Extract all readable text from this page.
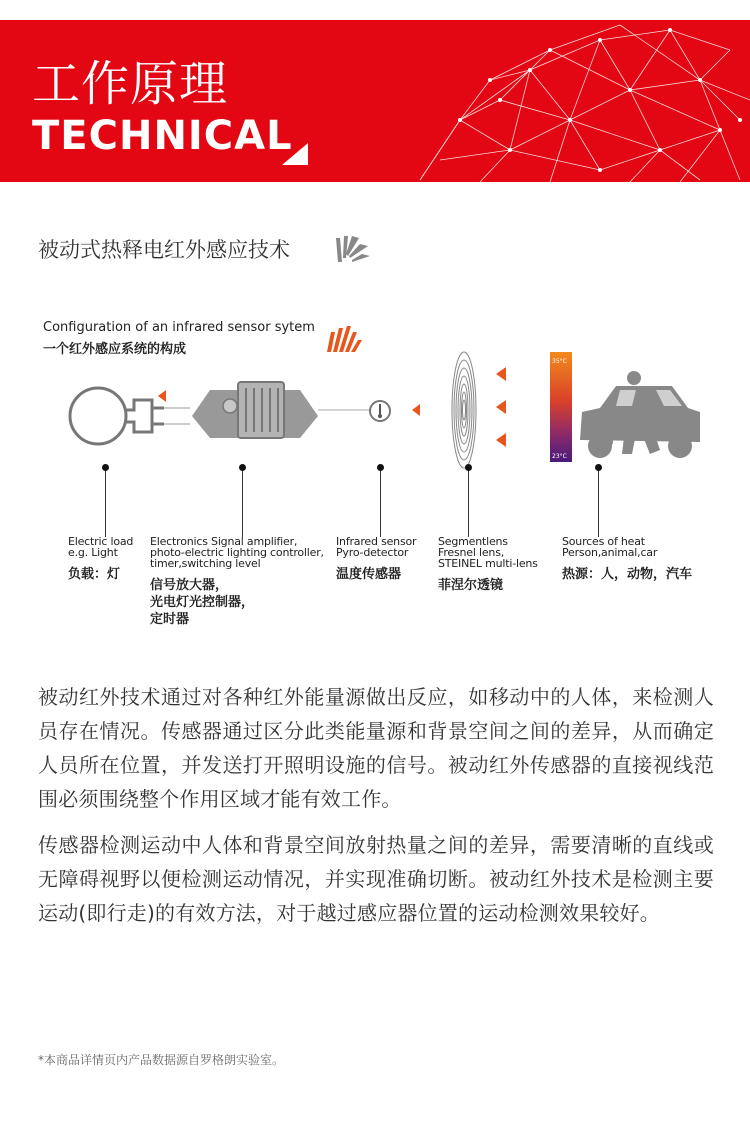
工作原理
TECHNICAL
被动式热释电红外感应技术
Configuration of an infrared sensor sytem
一个红外感应系统的构成
35°C
23°C
Electric load
e.g. Light
负载：灯
Electronics Signal amplifier,
photo-electric lighting controller,
timer,switching level
信号放大器，
光电灯光控制器，
定时器
Infrared sensor
Pyro-detector
温度传感器
Segmentlens
Fresnel lens,
STEINEL multi-lens
菲涅尔透镜
Sources of heat
Person,animal,car
热源：人，动物，汽车

被动红外技术通过对各种红外能量源做出反应，如移动中的人体，来检测人员存在情况。传感器通过区分此类能量源和背景空间之间的差异，从而确定人员所在位置，并发送打开照明设施的信号。被动红外传感器的直接视线范围必须围绕整个作用区域才能有效工作。

传感器检测运动中人体和背景空间放射热量之间的差异，需要清晰的直线或无障碍视野以便检测运动情况，并实现准确切断。被动红外技术是检测主要运动(即行走)的有效方法，对于越过感应器位置的运动检测效果较好。

*本商品详情页内产品数据源自罗格朗实验室。
